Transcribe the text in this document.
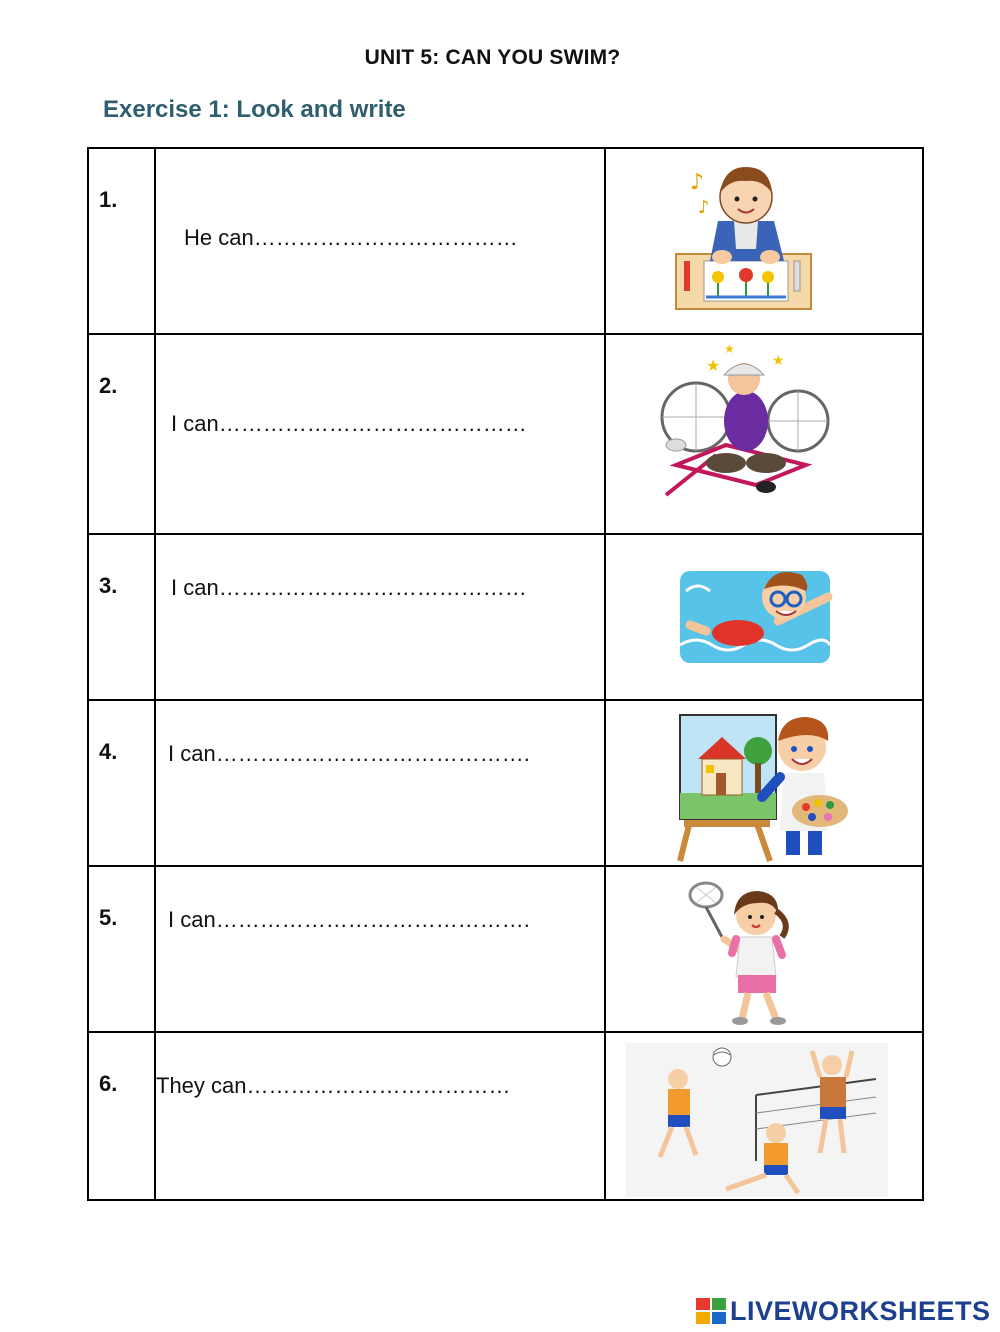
UNIT 5: CAN YOU SWIM?
Exercise 1: Look and write
1.	He can………………………………	♪
♪

2.	I can……………………………………	★ ★
★

3.	I can……………………………………

4.	I can…………………………………….

5.	I can…………………………………….

6.	They can………………………………

LIVEWORKSHEETS
